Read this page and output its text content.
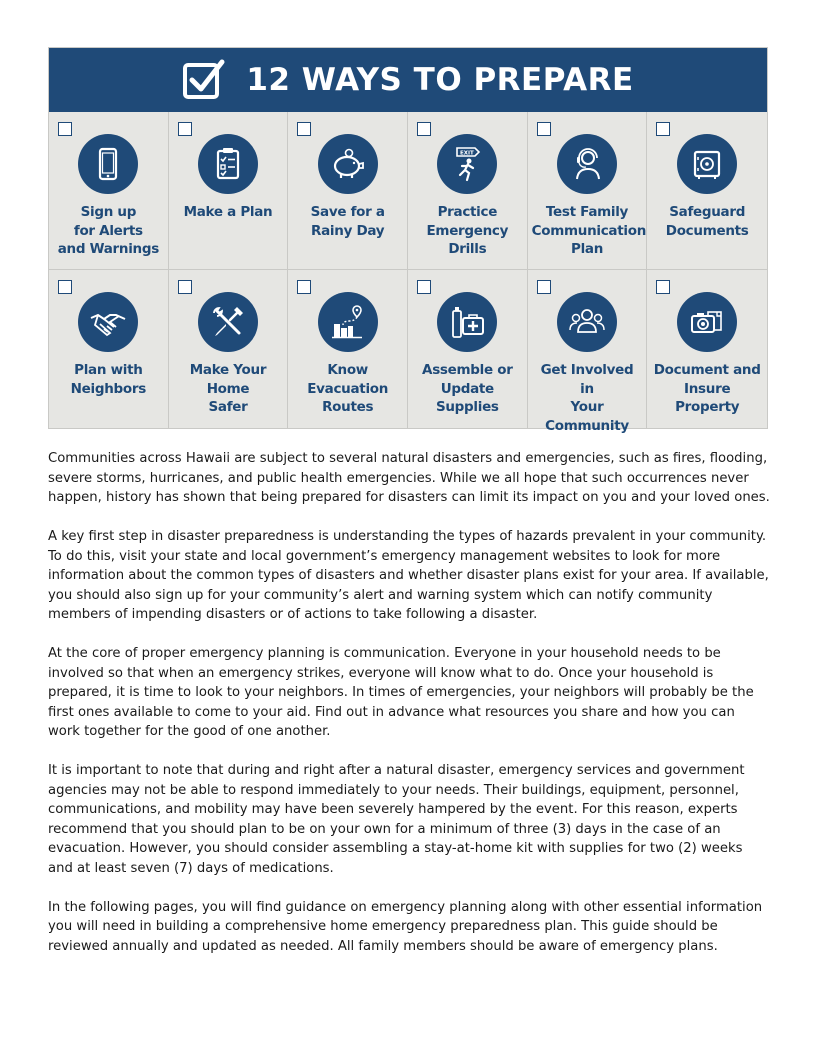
12 WAYS TO PREPARE
Sign up
for Alerts
and Warnings
Make a Plan	Save for a
Rainy Day
EXIT
Practice
Emergency
Drills
Test Family
Communication
Plan
Safeguard
Documents
Plan with
Neighbors
Make Your
Home
Safer
Know
Evacuation
Routes
Assemble or
Update
Supplies
Get Involved in
Your Community
Document and
Insure Property

Communities across Hawaii are subject to several natural disasters and emergencies, such as fires, flooding, severe storms, hurricanes, and public health emergencies. While we all hope that such occurrences never happen, history has shown that being prepared for disasters can limit its impact on you and your loved ones.

A key first step in disaster preparedness is understanding the types of hazards prevalent in your community. To do this, visit your state and local government’s emergency management websites to look for more information about the common types of disasters and whether disaster plans exist for your area. If available, you should also sign up for your community’s alert and warning system which can notify community members of impending disasters or of actions to take following a disaster.

At the core of proper emergency planning is communication. Everyone in your household needs to be involved so that when an emergency strikes, everyone will know what to do. Once your household is prepared, it is time to look to your neighbors. In times of emergencies, your neighbors will probably be the first ones available to come to your aid. Find out in advance what resources you share and how you can work together for the good of one another.

It is important to note that during and right after a natural disaster, emergency services and government agencies may not be able to respond immediately to your needs. Their buildings, equipment, personnel, communications, and mobility may have been severely hampered by the event. For this reason, experts recommend that you should plan to be on your own for a minimum of three (3) days in the case of an evacuation. However, you should consider assembling a stay-at-home kit with supplies for two (2) weeks and at least seven (7) days of medications.

In the following pages, you will find guidance on emergency planning along with other essential information you will need in building a comprehensive home emergency preparedness plan. This guide should be reviewed annually and updated as needed. All family members should be aware of emergency plans.
